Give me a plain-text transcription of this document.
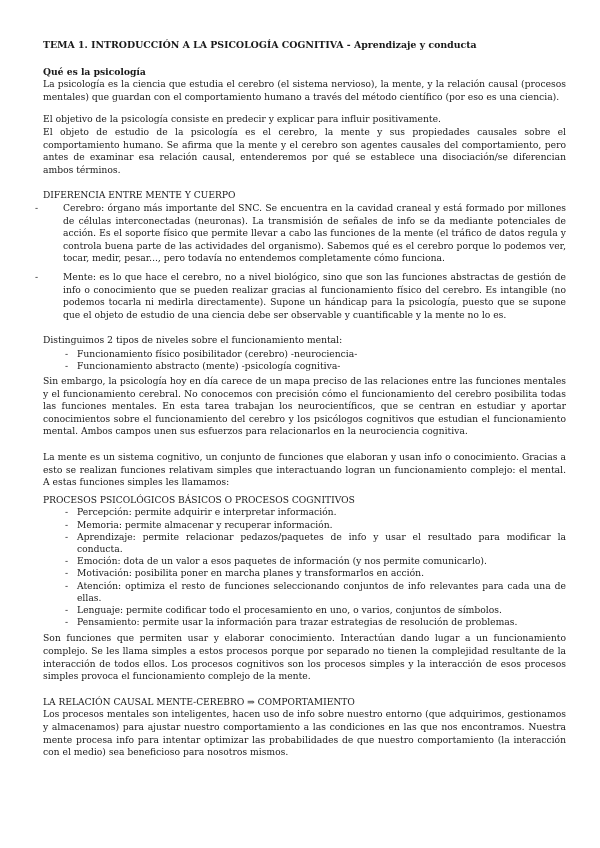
TEMA 1. INTRODUCCIÓN A LA PSICOLOGÍA COGNITIVA - Aprendizaje y conducta

Qué es la psicología

La psicología es la ciencia que estudia el cerebro (el sistema nervioso), la mente, y la relación causal (procesos mentales) que guardan con el comportamiento humano a través del método científico (por eso es una ciencia).

El objetivo de la psicología consiste en predecir y explicar para influir positivamente.

El objeto de estudio de la psicología es el cerebro, la mente y sus propiedades causales sobre el comportamiento humano. Se afirma que la mente y el cerebro son agentes causales del comportamiento, pero antes de examinar esa relación causal, entenderemos por qué se establece una disociación/se diferencian ambos términos.

DIFERENCIA ENTRE MENTE Y CUERPO

- Cerebro: órgano más importante del SNC. Se encuentra en la cavidad craneal y está formado por millones de células interconectadas (neuronas). La transmisión de señales de info se da mediante potenciales de acción. Es el soporte físico que permite llevar a cabo las funciones de la mente (el tráfico de datos regula y controla buena parte de las actividades del organismo). Sabemos qué es el cerebro porque lo podemos ver, tocar, medir, pesar..., pero todavía no entendemos completamente cómo funciona.
- Mente: es lo que hace el cerebro, no a nivel biológico, sino que son las funciones abstractas de gestión de info o conocimiento que se pueden realizar gracias al funcionamiento físico del cerebro. Es intangible (no podemos tocarla ni medirla directamente). Supone un hándicap para la psicología, puesto que se supone que el objeto de estudio de una ciencia debe ser observable y cuantificable y la mente no lo es.

Distinguimos 2 tipos de niveles sobre el funcionamiento mental:

- Funcionamiento físico posibilitador (cerebro) -neurociencia-
- Funcionamiento abstracto (mente) -psicología cognitiva-

Sin embargo, la psicología hoy en día carece de un mapa preciso de las relaciones entre las funciones mentales y el funcionamiento cerebral. No conocemos con precisión cómo el funcionamiento del cerebro posibilita todas las funciones mentales. En esta tarea trabajan los neurocientíficos, que se centran en estudiar y aportar conocimientos sobre el funcionamiento del cerebro y los psicólogos cognitivos que estudian el funcionamiento mental. Ambos campos unen sus esfuerzos para relacionarlos en la neurociencia cognitiva.

La mente es un sistema cognitivo, un conjunto de funciones que elaboran y usan info o conocimiento. Gracias a esto se realizan funciones relativam simples que interactuando logran un funcionamiento complejo: el mental. A estas funciones simples les llamamos:

PROCESOS PSICOLÓGICOS BÁSICOS O PROCESOS COGNITIVOS

- Percepción: permite adquirir e interpretar información.
- Memoria: permite almacenar y recuperar información.
- Aprendizaje: permite relacionar pedazos/paquetes de info y usar el resultado para modificar la conducta.
- Emoción: dota de un valor a esos paquetes de información (y nos permite comunicarlo).
- Motivación: posibilita poner en marcha planes y transformarlos en acción.
- Atención: optimiza el resto de funciones seleccionando conjuntos de info relevantes para cada una de ellas.
- Lenguaje: permite codificar todo el procesamiento en uno, o varios, conjuntos de símbolos.
- Pensamiento: permite usar la información para trazar estrategias de resolución de problemas.

Son funciones que permiten usar y elaborar conocimiento. Interactúan dando lugar a un funcionamiento complejo. Se les llama simples a estos procesos porque por separado no tienen la complejidad resultante de la interacción de todos ellos. Los procesos cognitivos son los procesos simples y la interacción de esos procesos simples provoca el funcionamiento complejo de la mente.

LA RELACIÓN CAUSAL MENTE-CEREBRO ⇒ COMPORTAMIENTO

Los procesos mentales son inteligentes, hacen uso de info sobre nuestro entorno (que adquirimos, gestionamos y almacenamos) para ajustar nuestro comportamiento a las condiciones en las que nos encontramos. Nuestra mente procesa info para intentar optimizar las probabilidades de que nuestro comportamiento (la interacción con el medio) sea beneficioso para nosotros mismos.
